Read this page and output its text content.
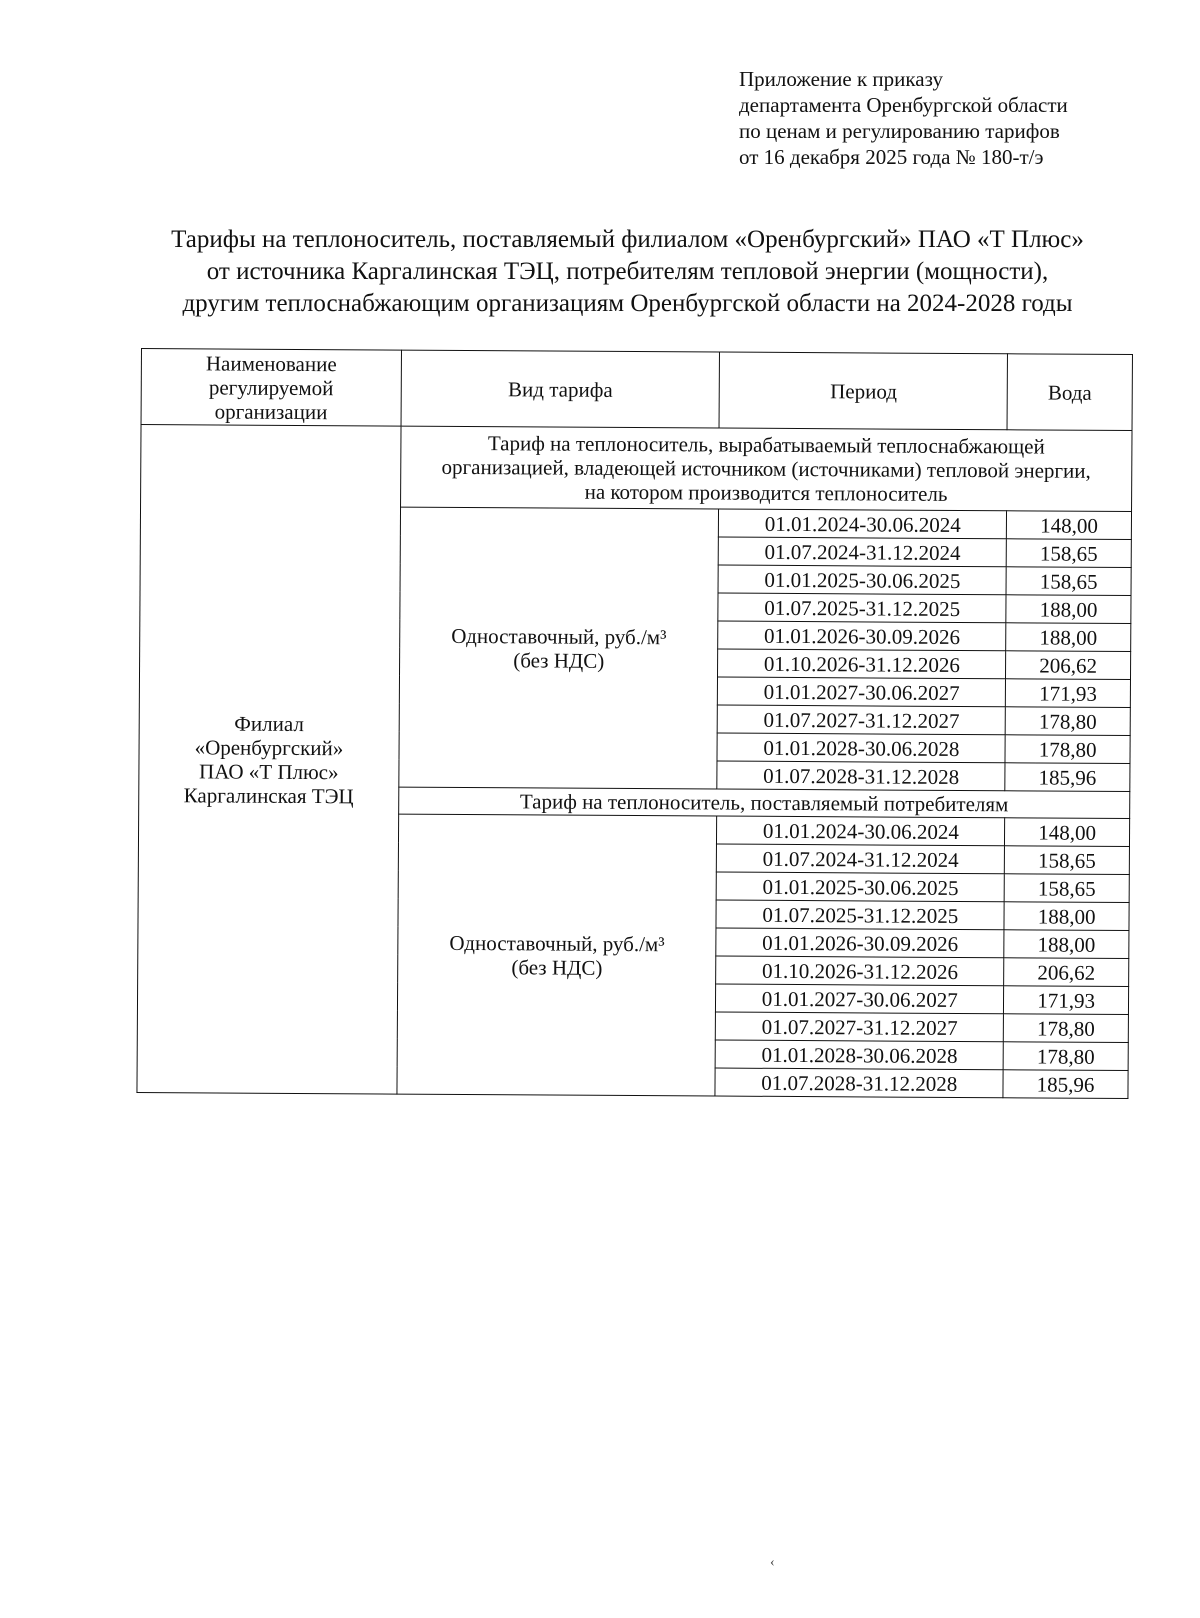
Приложение к приказу
департамента Оренбургской области
по ценам и регулированию тарифов
от 16 декабря 2025 года № 180-т/э
Тарифы на теплоноситель, поставляемый филиалом «Оренбургский» ПАО «Т Плюс»
от источника Каргалинская ТЭЦ, потребителям тепловой энергии (мощности),
другим теплоснабжающим организациям Оренбургской области на 2024-2028 годы
Наименование регулируемой организации	Вид тарифа	Период	Вода

Филиал
«Оренбургский»
ПАО «Т Плюс»
Каргалинская ТЭЦ	Тариф на теплоноситель, вырабатываемый теплоснабжающей организацией, владеющей источником (источниками) тепловой энергии, на котором производится теплоноситель		
	Одноставочный, руб./м³ (без НДС)	01.01.2024-30.06.2024	148,00
		01.07.2024-31.12.2024	158,65
		01.01.2025-30.06.2025	158,65
		01.07.2025-31.12.2025	188,00
		01.01.2026-30.09.2026	188,00
		01.10.2026-31.12.2026	206,62
		01.01.2027-30.06.2027	171,93
		01.07.2027-31.12.2027	178,80
		01.01.2028-30.06.2028	178,80
		01.07.2028-31.12.2028	185,96
	Тариф на теплоноситель, поставляемый потребителям		
	Одноставочный, руб./м³ (без НДС)	01.01.2024-30.06.2024	148,00
		01.07.2024-31.12.2024	158,65
		01.01.2025-30.06.2025	158,65
		01.07.2025-31.12.2025	188,00
		01.01.2026-30.09.2026	188,00
		01.10.2026-31.12.2026	206,62
		01.01.2027-30.06.2027	171,93
		01.07.2027-31.12.2027	178,80
		01.01.2028-30.06.2028	178,80
		01.07.2028-31.12.2028	185,96
‹
